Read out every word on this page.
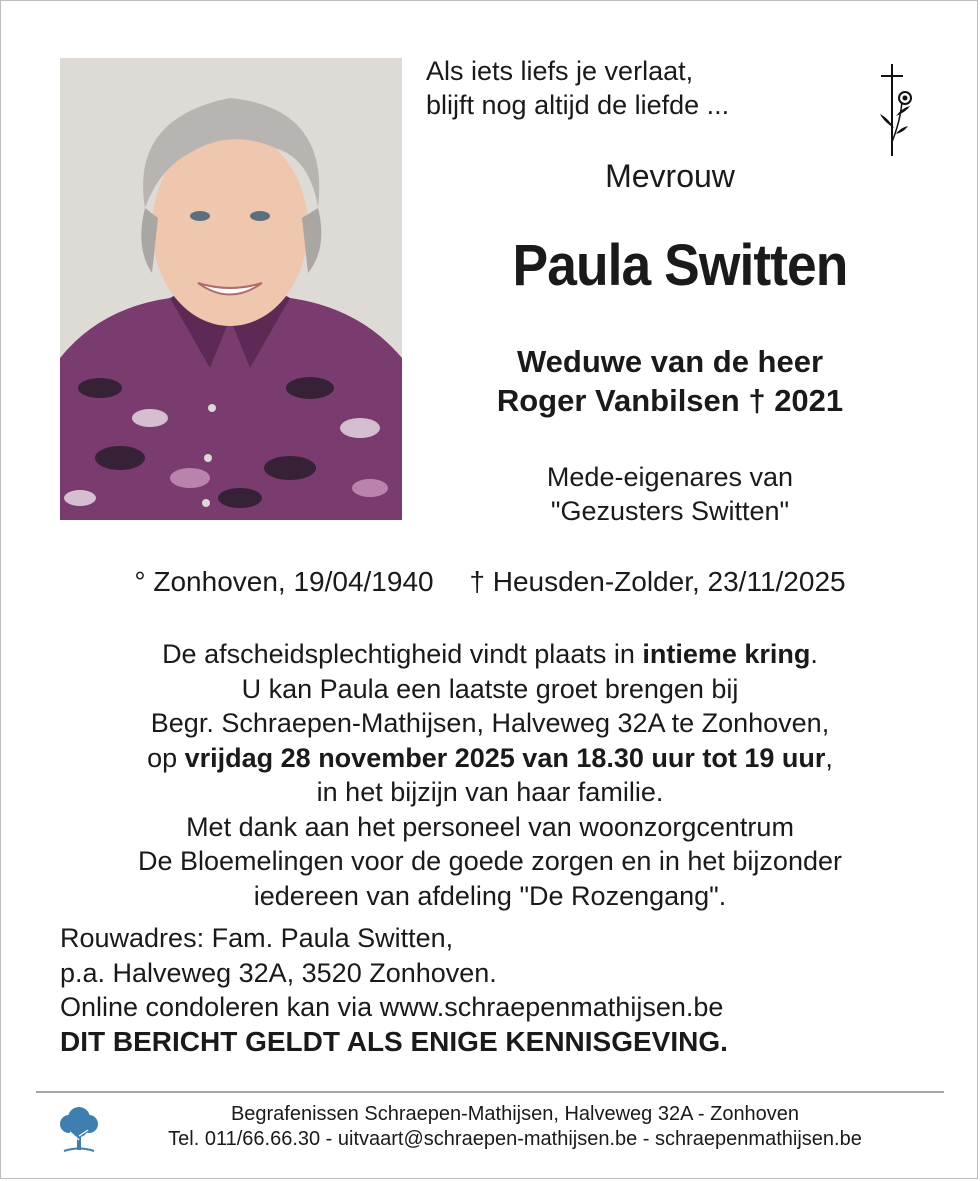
Als iets liefs je verlaat,
blijft nog altijd de liefde ...
Mevrouw
Paula Switten
Weduwe van de heer
Roger Vanbilsen † 2021
Mede-eigenares van
"Gezusters Switten"
° Zonhoven, 19/04/1940 † Heusden-Zolder, 23/11/2025
De afscheidsplechtigheid vindt plaats in intieme kring.
U kan Paula een laatste groet brengen bij
Begr. Schraepen-Mathijsen, Halveweg 32A te Zonhoven,
op vrijdag 28 november 2025 van 18.30 uur tot 19 uur,
in het bijzijn van haar familie.
Met dank aan het personeel van woonzorgcentrum
De Bloemelingen voor de goede zorgen en in het bijzonder
iedereen van afdeling "De Rozengang".
Rouwadres: Fam. Paula Switten,
p.a. Halveweg 32A, 3520 Zonhoven.
Online condoleren kan via www.schraepenmathijsen.be
DIT BERICHT GELDT ALS ENIGE KENNISGEVING.
Begrafenissen Schraepen-Mathijsen, Halveweg 32A - Zonhoven
Tel. 011/66.66.30 - uitvaart@schraepen-mathijsen.be - schraepenmathijsen.be
